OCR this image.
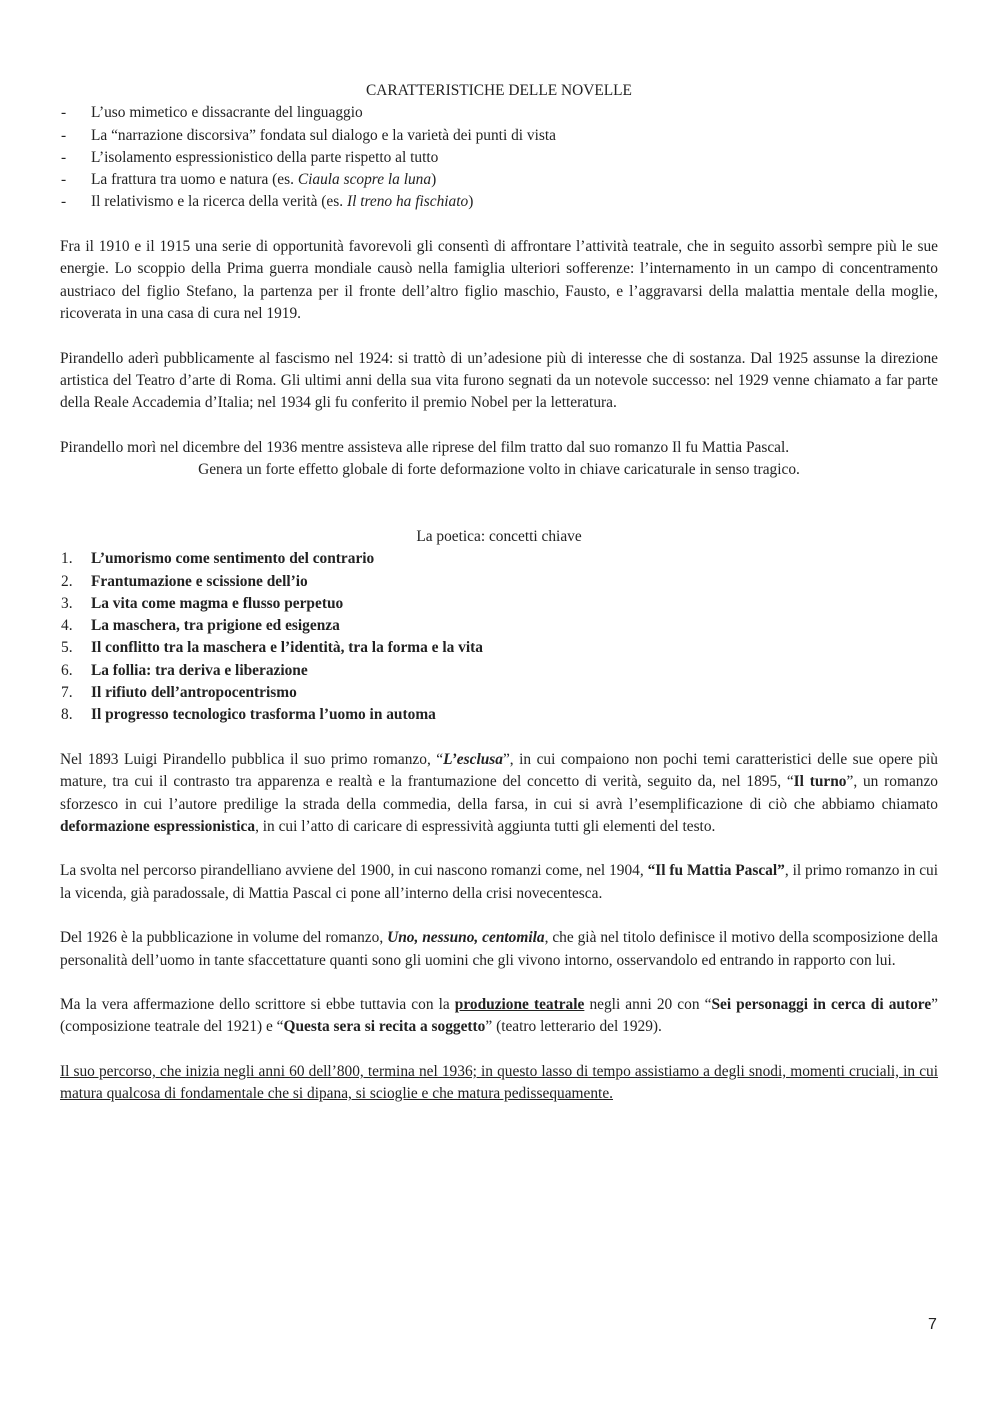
CARATTERISTICHE DELLE NOVELLE
- L’uso mimetico e dissacrante del linguaggio
- La “narrazione discorsiva” fondata sul dialogo e la varietà dei punti di vista
- L’isolamento espressionistico della parte rispetto al tutto
- La frattura tra uomo e natura (es. Ciaula scopre la luna)
- Il relativismo e la ricerca della verità (es. Il treno ha fischiato)

Fra il 1910 e il 1915 una serie di opportunità favorevoli gli consentì di affrontare l’attività teatrale, che in seguito assorbì sempre più le sue energie. Lo scoppio della Prima guerra mondiale causò nella famiglia ulteriori sofferenze: l’internamento in un campo di concentramento austriaco del figlio Stefano, la partenza per il fronte dell’altro figlio maschio, Fausto, e l’aggravarsi della malattia mentale della moglie, ricoverata in una casa di cura nel 1919.

Pirandello aderì pubblicamente al fascismo nel 1924: si trattò di un’adesione più di interesse che di sostanza. Dal 1925 assunse la direzione artistica del Teatro d’arte di Roma. Gli ultimi anni della sua vita furono segnati da un notevole successo: nel 1929 venne chiamato a far parte della Reale Accademia d’Italia; nel 1934 gli fu conferito il premio Nobel per la letteratura.

Pirandello morì nel dicembre del 1936 mentre assisteva alle riprese del film tratto dal suo romanzo Il fu Mattia Pascal.

Genera un forte effetto globale di forte deformazione volto in chiave caricaturale in senso tragico.

La poetica: concetti chiave
1. L’umorismo come sentimento del contrario
2. Frantumazione e scissione dell’io
3. La vita come magma e flusso perpetuo
4. La maschera, tra prigione ed esigenza
5. Il conflitto tra la maschera e l’identità, tra la forma e la vita
6. La follia: tra deriva e liberazione
7. Il rifiuto dell’antropocentrismo
8. Il progresso tecnologico trasforma l’uomo in automa

Nel 1893 Luigi Pirandello pubblica il suo primo romanzo, “L’esclusa”, in cui compaiono non pochi temi caratteristici delle sue opere più mature, tra cui il contrasto tra apparenza e realtà e la frantumazione del concetto di verità, seguito da, nel 1895, “Il turno”, un romanzo sforzesco in cui l’autore predilige la strada della commedia, della farsa, in cui si avrà l’esemplificazione di ciò che abbiamo chiamato deformazione espressionistica, in cui l’atto di caricare di espressività aggiunta tutti gli elementi del testo.

La svolta nel percorso pirandelliano avviene del 1900, in cui nascono romanzi come, nel 1904, “Il fu Mattia Pascal”, il primo romanzo in cui la vicenda, già paradossale, di Mattia Pascal ci pone all’interno della crisi novecentesca.

Del 1926 è la pubblicazione in volume del romanzo, Uno, nessuno, centomila, che già nel titolo definisce il motivo della scomposizione della personalità dell’uomo in tante sfaccettature quanti sono gli uomini che gli vivono intorno, osservandolo ed entrando in rapporto con lui.

Ma la vera affermazione dello scrittore si ebbe tuttavia con la produzione teatrale negli anni 20 con “Sei personaggi in cerca di autore” (composizione teatrale del 1921) e “Questa sera si recita a soggetto” (teatro letterario del 1929).

Il suo percorso, che inizia negli anni 60 dell’800, termina nel 1936; in questo lasso di tempo assistiamo a degli snodi, momenti cruciali, in cui matura qualcosa di fondamentale che si dipana, si scioglie e che matura pedissequamente.

7
